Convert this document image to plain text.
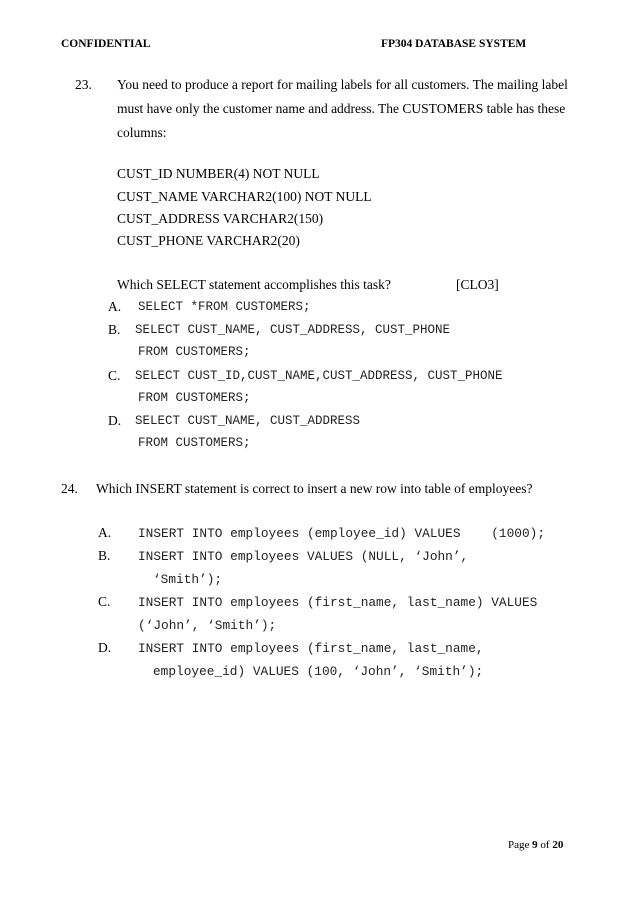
CONFIDENTIAL	FP304 DATABASE SYSTEM
23. You need to produce a report for mailing labels for all customers. The mailing label
must have only the customer name and address. The CUSTOMERS table has these
columns:
CUST_ID NUMBER(4) NOT NULL
CUST_NAME VARCHAR2(100) NOT NULL
CUST_ADDRESS VARCHAR2(150)
CUST_PHONE VARCHAR2(20)
Which SELECT statement accomplishes this task?	[CLO3]
A. SELECT *FROM CUSTOMERS;
B. SELECT CUST_NAME, CUST_ADDRESS, CUST_PHONE
FROM CUSTOMERS;
C. SELECT CUST_ID,CUST_NAME,CUST_ADDRESS, CUST_PHONE
FROM CUSTOMERS;
D. SELECT CUST_NAME, CUST_ADDRESS
FROM CUSTOMERS;
24. Which INSERT statement is correct to insert a new row into table of employees?
A. INSERT INTO employees (employee_id) VALUES    (1000);
B. INSERT INTO employees VALUES (NULL, ‘John’,
‘Smith’);
C. INSERT INTO employees (first_name, last_name) VALUES
(‘John’, ‘Smith’);
D. INSERT INTO employees (first_name, last_name,
employee_id) VALUES (100, ‘John’, ‘Smith’);
Page 9 of 20
